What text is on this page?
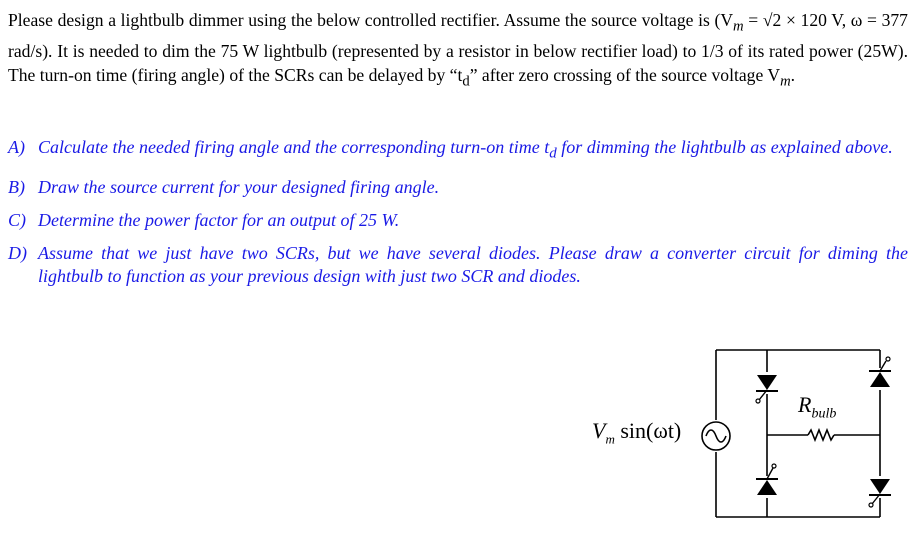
Please design a lightbulb dimmer using the below controlled rectifier. Assume the source voltage is ($V_m = √2 \times 120$ V, ω = 377 rad/s). It is needed to dim the 75 W lightbulb (represented by a resistor in below rectifier load) to 1/3 of its rated power (25W). The turn-on time (firing angle) of the SCRs can be delayed by “$t_d$” after zero crossing of the source voltage $V_m$.
A) Calculate the needed firing angle and the corresponding turn-on time $t_d$ for dimming the lightbulb as explained above.
B) Draw the source current for your designed firing angle.
C) Determine the power factor for an output of 25 W.
D) Assume that we just have two SCRs, but we have several diodes. Please draw a converter circuit for diming the lightbulb to function as your previous design with just two SCR and diodes.
$V_m$ sin(ωt)
$R_{bulb}$
